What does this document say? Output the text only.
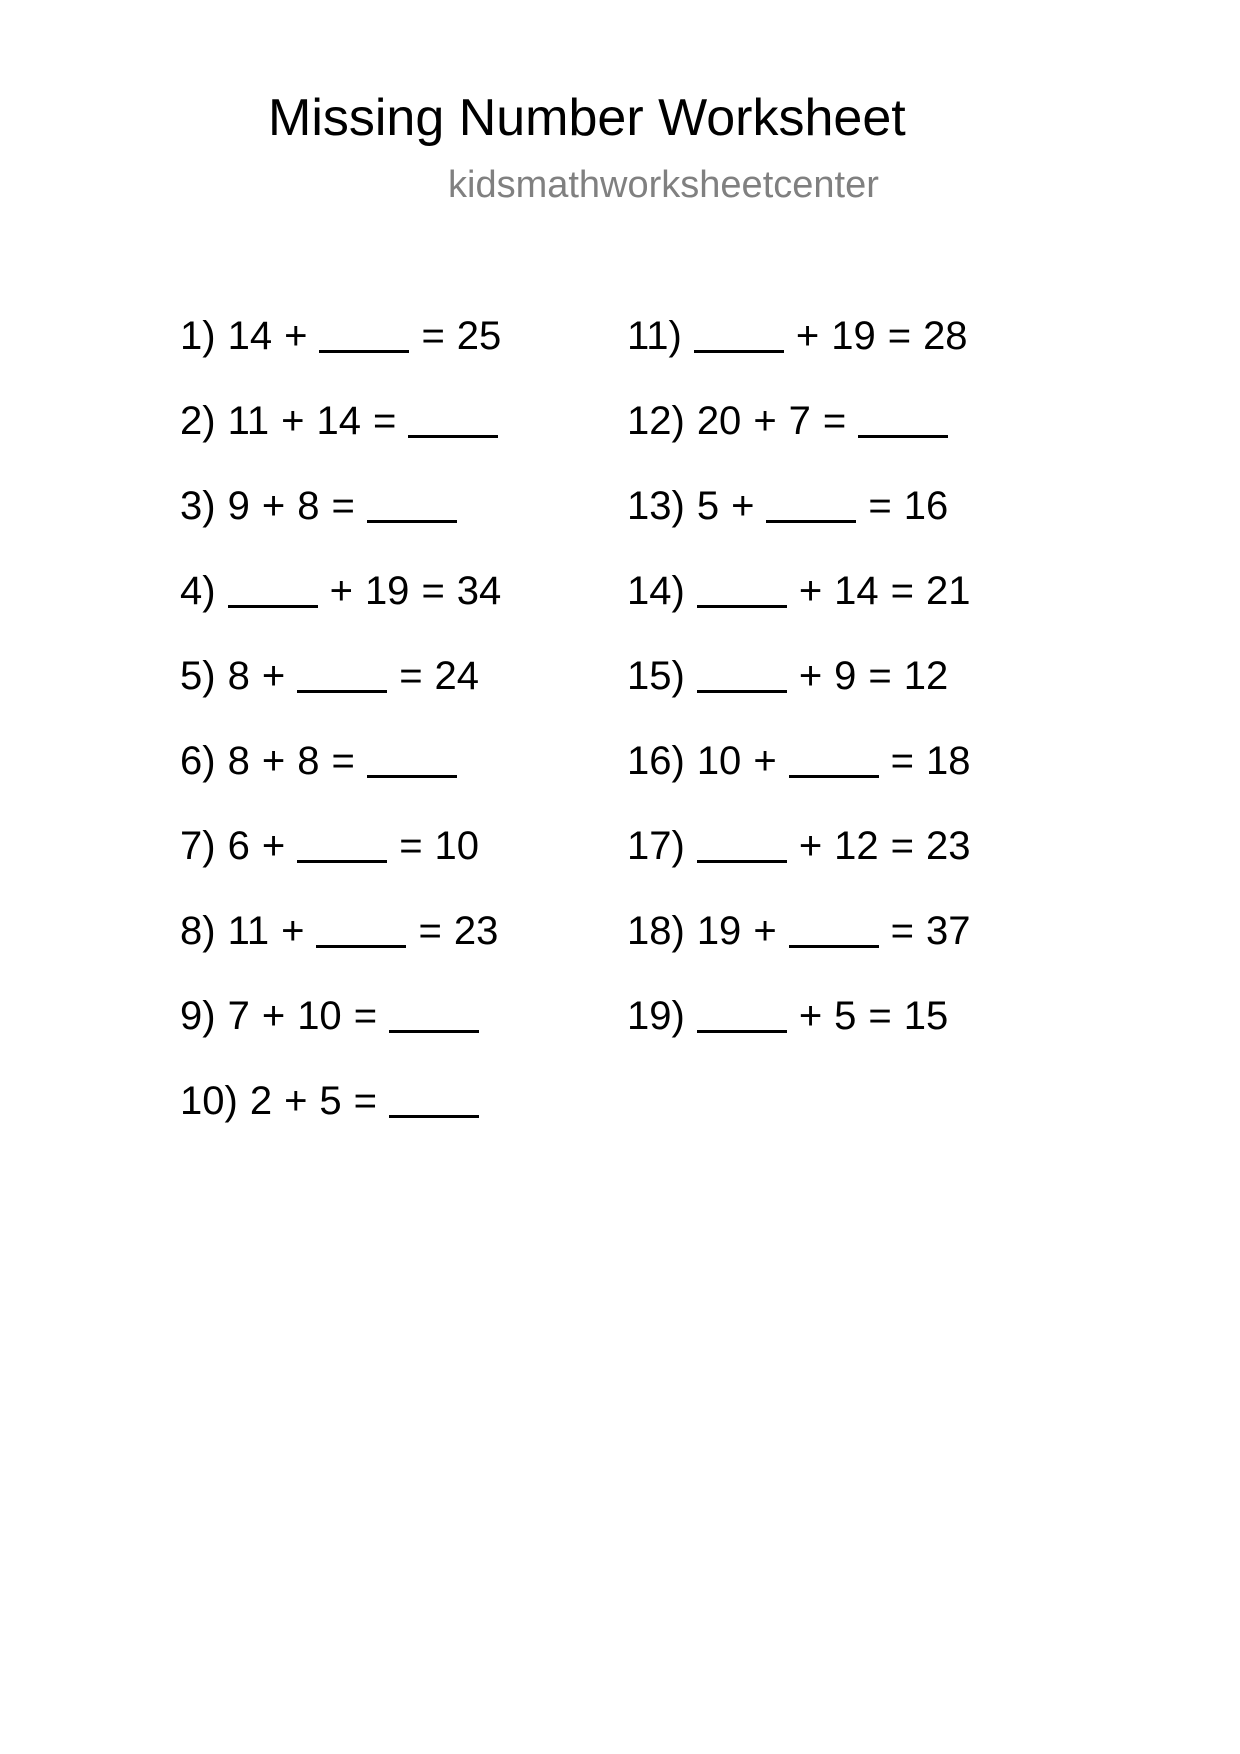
Missing Number Worksheet
kidsmathworksheetcenter
1) 14 +	= 25
2) 11 + 14 =
3) 9 + 8 =
4)	+ 19 = 34
5) 8 +	= 24
6) 8 + 8 =
7) 6 +	= 10
8) 11 +	= 23
9) 7 + 10 =
10) 2 + 5 =
11)	+ 19 = 28
12) 20 + 7 =
13) 5 +	= 16
14)	+ 14 = 21
15)	+ 9 = 12
16) 10 +	= 18
17)	+ 12 = 23
18) 19 +	= 37
19)	+ 5 = 15
